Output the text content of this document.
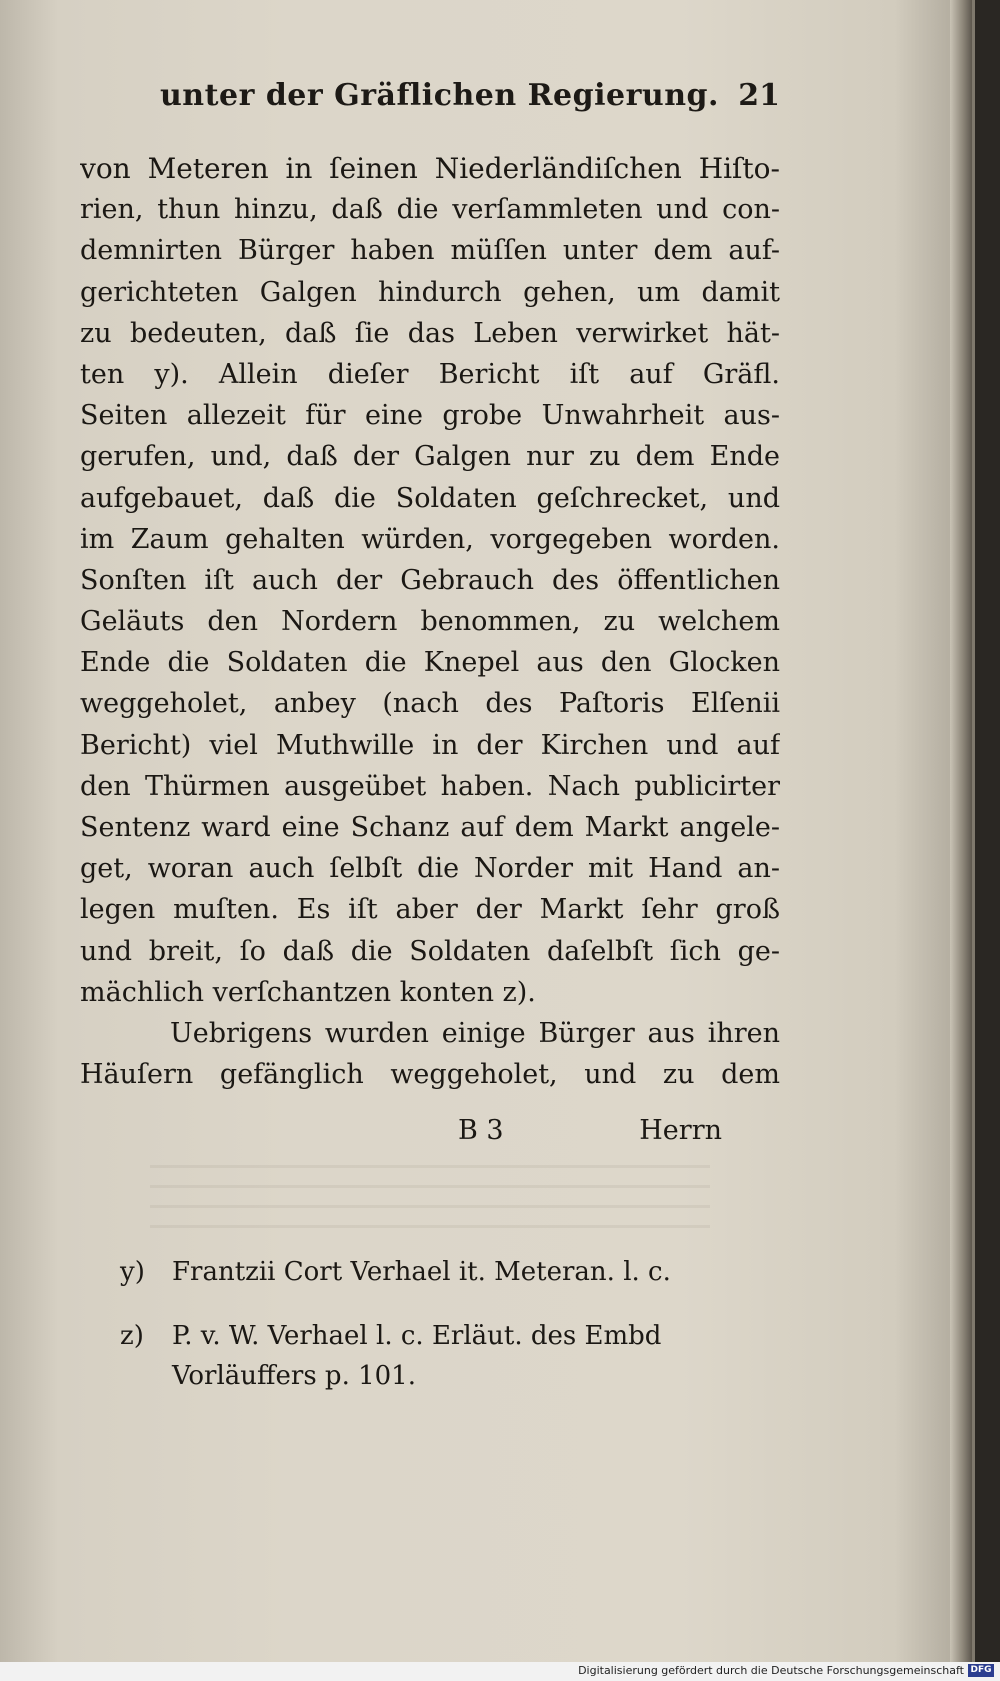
unter der Gräflichen Regierung. 21
von Meteren in ſeinen Niederländiſchen Hiſto-
rien, thun hinzu, daß die verſammleten und con-
demnirten Bürger haben müſſen unter dem auf-
gerichteten Galgen hindurch gehen, um damit
zu bedeuten, daß ſie das Leben verwirket hät-
ten y). Allein dieſer Bericht iſt auf Gräfl.
Seiten allezeit für eine grobe Unwahrheit aus-
gerufen, und, daß der Galgen nur zu dem Ende
aufgebauet, daß die Soldaten geſchrecket, und
im Zaum gehalten würden, vorgegeben worden.
Sonſten iſt auch der Gebrauch des öffentlichen
Geläuts den Nordern benommen, zu welchem
Ende die Soldaten die Knepel aus den Glocken
weggeholet, anbey (nach des Paſtoris Elſenii
Bericht) viel Muthwille in der Kirchen und auf
den Thürmen ausgeübet haben. Nach publicirter
Sentenz ward eine Schanz auf dem Markt angele-
get, woran auch ſelbſt die Norder mit Hand an-
legen muſten. Es iſt aber der Markt ſehr groß
und breit, ſo daß die Soldaten daſelbſt ſich ge-
mächlich verſchantzen konten z).
Uebrigens wurden einige Bürger aus ihren
Häuſern gefänglich weggeholet, und zu dem
B 3	Herrn
y) Frantzii Cort Verhael it. Meteran. l. c.
z) P. v. W. Verhael l. c. Erläut. des Embd
Vorläuffers p. 101.
Digitalisierung gefördert durch die Deutsche Forschungsgemeinschaft DFG
